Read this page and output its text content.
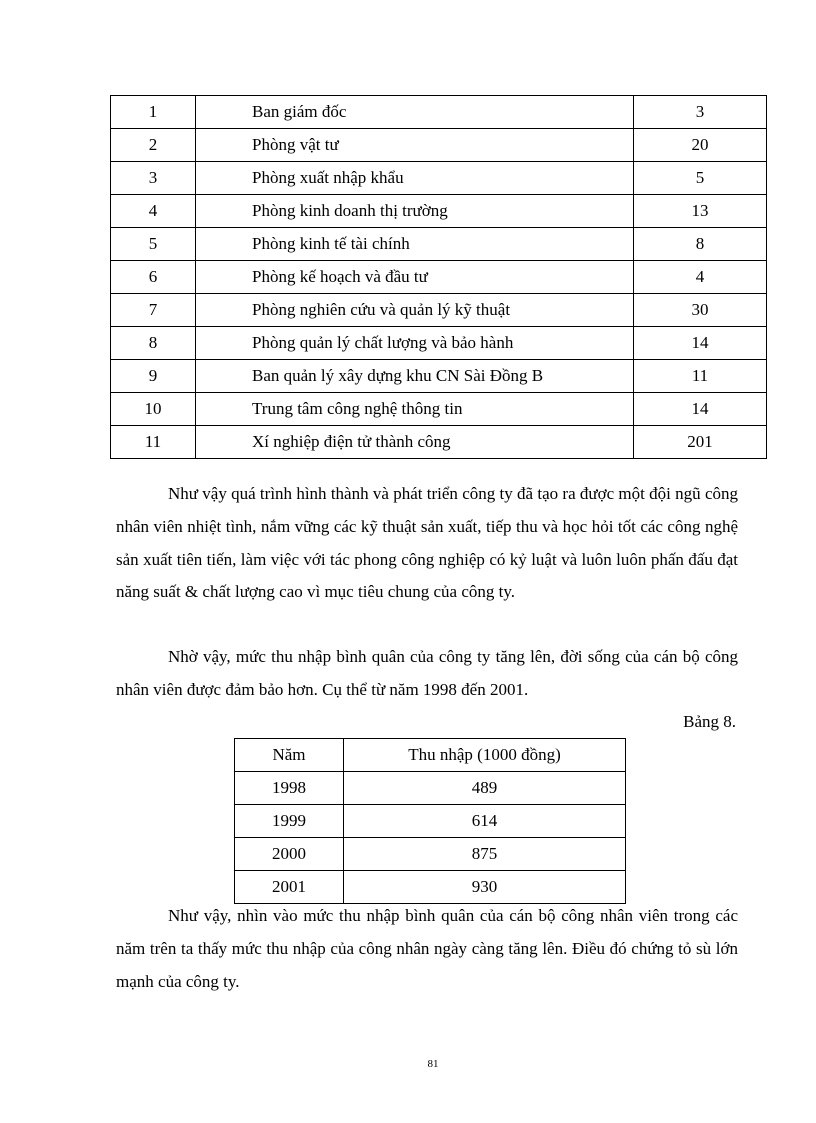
1	Ban giám đốc	3
2	Phòng vật tư	20
3	Phòng xuất nhập khẩu	5
4	Phòng kinh doanh thị trường	13
5	Phòng kinh tế tài chính	8
6	Phòng kế hoạch và đầu tư	4
7	Phòng nghiên cứu và quản lý kỹ thuật	30
8	Phòng quản lý chất lượng và bảo hành	14
9	Ban quản lý xây dựng khu CN Sài Đồng B	11
10	Trung tâm công nghệ thông tin	14
11	Xí nghiệp điện tử thành công	201

Như vậy quá trình hình thành và phát triển công ty đã tạo ra được một đội ngũ công nhân viên nhiệt tình, nắm vững các kỹ thuật sản xuất, tiếp thu và học hỏi tốt các công nghệ sản xuất tiên tiến, làm việc với tác phong công nghiệp có kỷ luật và luôn luôn phấn đấu đạt năng suất & chất lượng cao vì mục tiêu chung của công ty.

Nhờ vậy, mức thu nhập bình quân của công ty tăng lên, đời sống của cán bộ công nhân viên được đảm bảo hơn. Cụ thể từ năm 1998 đến 2001.

Bảng 8.

Năm	Thu nhập (1000 đồng)
1998	489
1999	614
2000	875
2001	930

Như vậy, nhìn vào mức thu nhập bình quân của cán bộ công nhân viên trong các năm trên ta thấy mức thu nhập của công nhân ngày càng tăng lên. Điều đó chứng tỏ sù lớn mạnh của công ty.

81
